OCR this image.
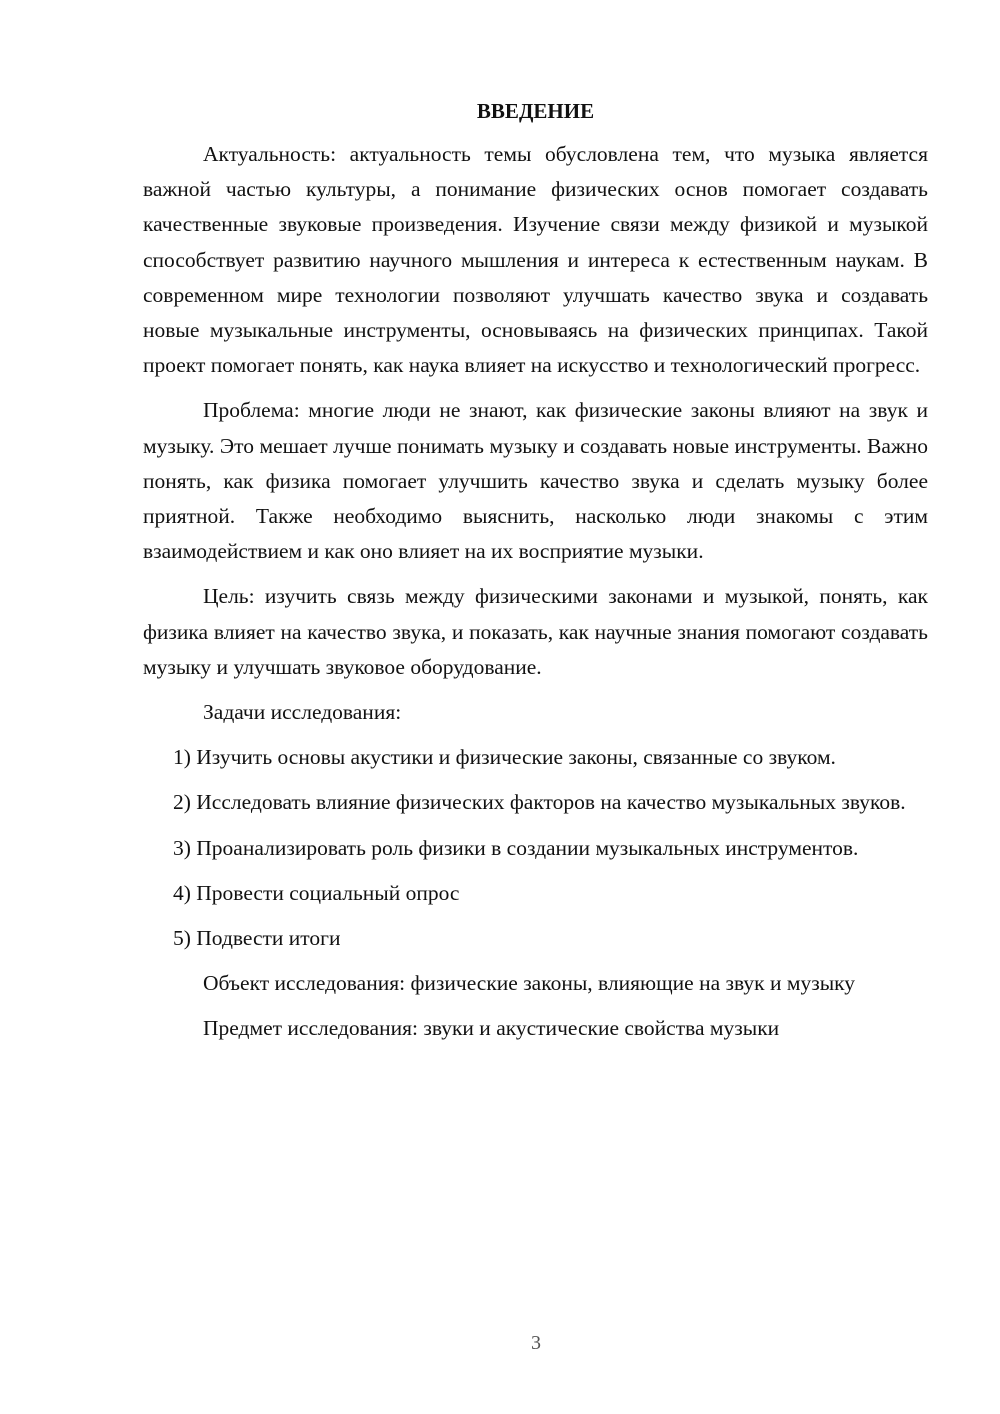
ВВЕДЕНИЕ

Актуальность: актуальность темы обусловлена тем, что музыка является важной частью культуры, а понимание физических основ помогает создавать качественные звуковые произведения. Изучение связи между физикой и музыкой способствует развитию научного мышления и интереса к естественным наукам. В современном мире технологии позволяют улучшать качество звука и создавать новые музыкальные инструменты, основываясь на физических принципах. Такой проект помогает понять, как наука влияет на искусство и технологический прогресс.

Проблема: многие люди не знают, как физические законы влияют на звук и музыку. Это мешает лучше понимать музыку и создавать новые инструменты. Важно понять, как физика помогает улучшить качество звука и сделать музыку более приятной. Также необходимо выяснить, насколько люди знакомы с этим взаимодействием и как оно влияет на их восприятие музыки.

Цель: изучить связь между физическими законами и музыкой, понять, как физика влияет на качество звука, и показать, как научные знания помогают создавать музыку и улучшать звуковое оборудование.

Задачи исследования:

1) Изучить основы акустики и физические законы, связанные со звуком.

2) Исследовать влияние физических факторов на качество музыкальных звуков.

3) Проанализировать роль физики в создании музыкальных инструментов.

4) Провести социальный опрос

5) Подвести итоги

Объект исследования: физические законы, влияющие на звук и музыку

Предмет исследования: звуки и акустические свойства музыки

3
